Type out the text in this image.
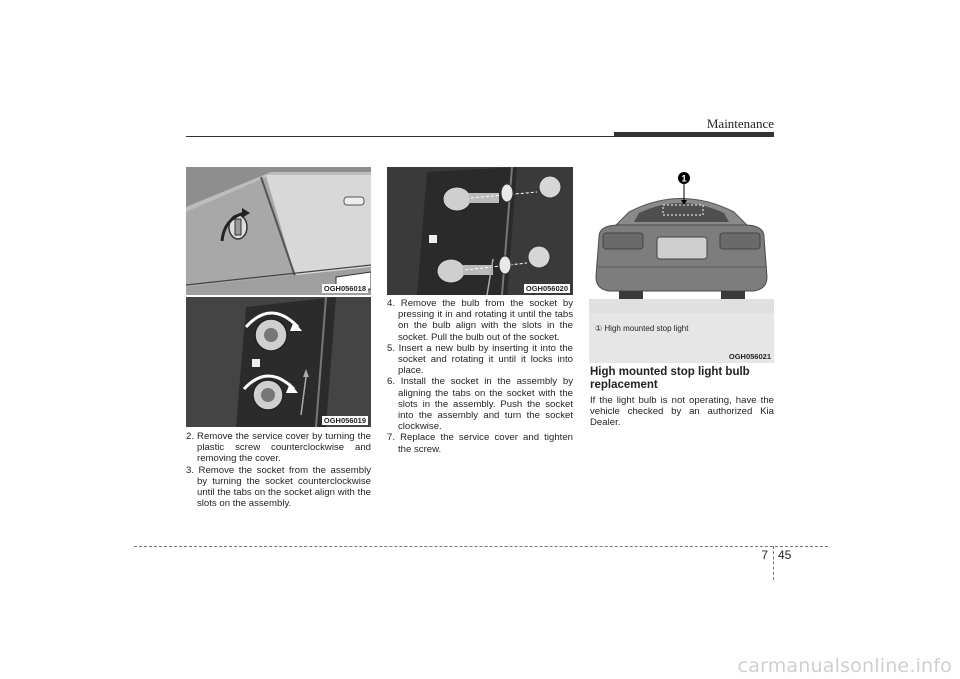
Maintenance
OGH056018
OGH056019
OGH056020
1
① High mounted stop light
OGH056021
2. Remove the service cover by turning the plastic screw counterclockwise and removing the cover.
3. Remove the socket from the assembly by turning the socket counterclockwise until the tabs on the socket align with the slots on the assembly.
4. Remove the bulb from the socket by pressing it in and rotating it until the tabs on the bulb align with the slots in the socket. Pull the bulb out of the socket.
5. Insert a new bulb by inserting it into the socket and rotating it until it locks into place.
6. Install the socket in the assembly by aligning the tabs on the socket with the slots in the assembly. Push the socket into the assembly and turn the socket clockwise.
7. Replace the service cover and tighten the screw.
High mounted stop light bulb replacement

If the light bulb is not operating, have the vehicle checked by an authorized Kia Dealer.

7 45
carmanualsonline.info
